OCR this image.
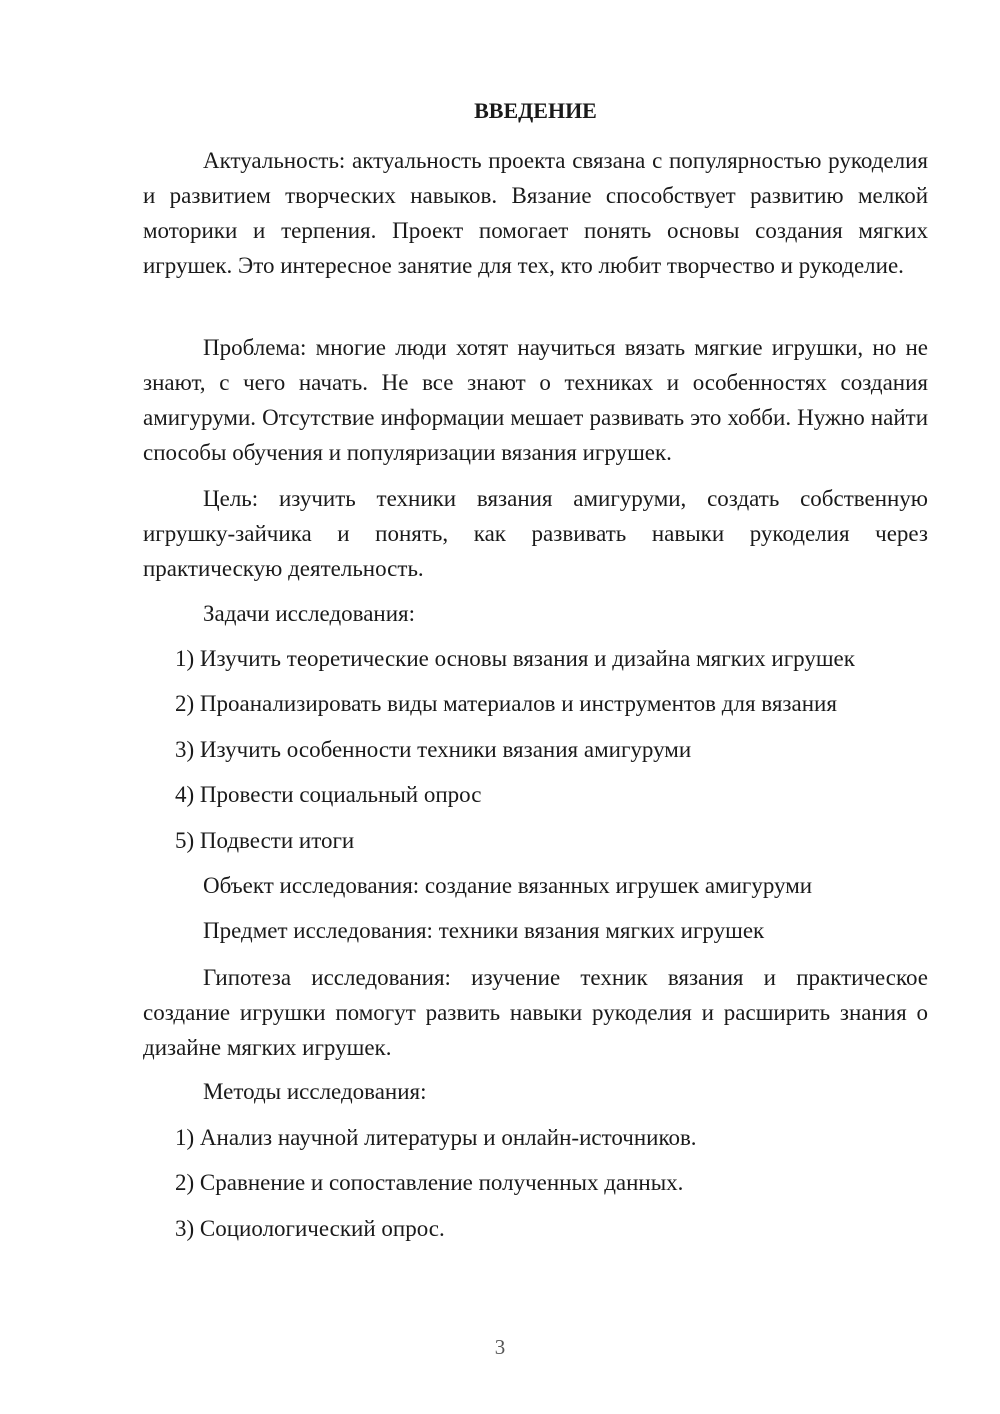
ВВЕДЕНИЕ

Актуальность: актуальность проекта связана с популярностью рукоделия и развитием творческих навыков. Вязание способствует развитию мелкой моторики и терпения. Проект помогает понять основы создания мягких игрушек. Это интересное занятие для тех, кто любит творчество и рукоделие.

Проблема: многие люди хотят научиться вязать мягкие игрушки, но не знают, с чего начать. Не все знают о техниках и особенностях создания амигуруми. Отсутствие информации мешает развивать это хобби. Нужно найти способы обучения и популяризации вязания игрушек.

Цель: изучить техники вязания амигуруми, создать собственную игрушку-зайчика и понять, как развивать навыки рукоделия через практическую деятельность.

Задачи исследования:

1) Изучить теоретические основы вязания и дизайна мягких игрушек

2) Проанализировать виды материалов и инструментов для вязания

3) Изучить особенности техники вязания амигуруми

4) Провести социальный опрос

5) Подвести итоги

Объект исследования: создание вязанных игрушек амигуруми

Предмет исследования: техники вязания мягких игрушек

Гипотеза исследования: изучение техник вязания и практическое создание игрушки помогут развить навыки рукоделия и расширить знания о дизайне мягких игрушек.

Методы исследования:

1) Анализ научной литературы и онлайн-источников.

2) Сравнение и сопоставление полученных данных.

3) Социологический опрос.

3
